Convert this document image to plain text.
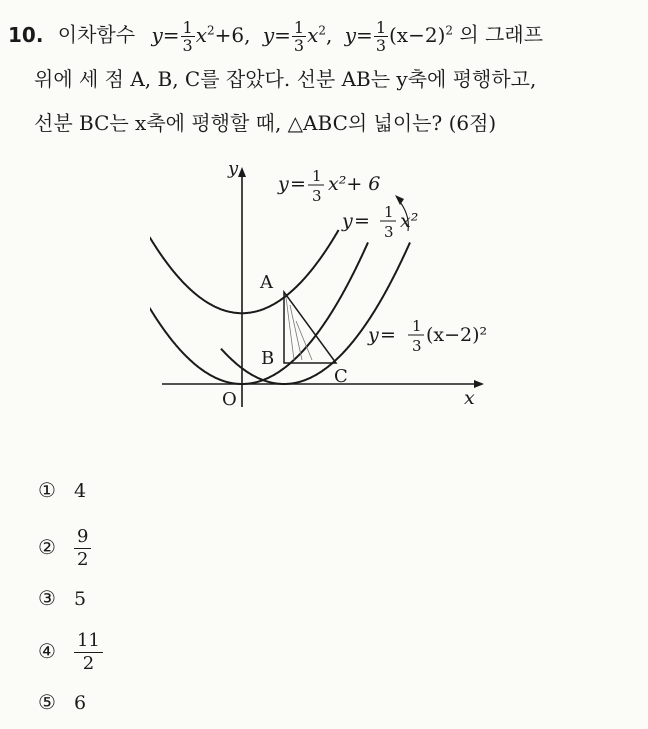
10. 이차함수 $y= \frac{1}{3} x^2+6$, $y= \frac{1}{3} x^2$, $y= \frac{1}{3} (x-2)^2$ 의 그래프
위에 세 점 A, B, C를 잡았다. 선분 AB는 y축에 평행하고,
선분 BC는 x축에 평행할 때, △ABC의 넓이는? (6점)
y
x
O
A
B
C
y = 1
3
x²+ 6
y = 1
3 x²
y = 1
3 (x−2)²
① 4
② $\frac{9}{2}$
③ 5
④ $\frac{11}{2}$
⑤ 6
